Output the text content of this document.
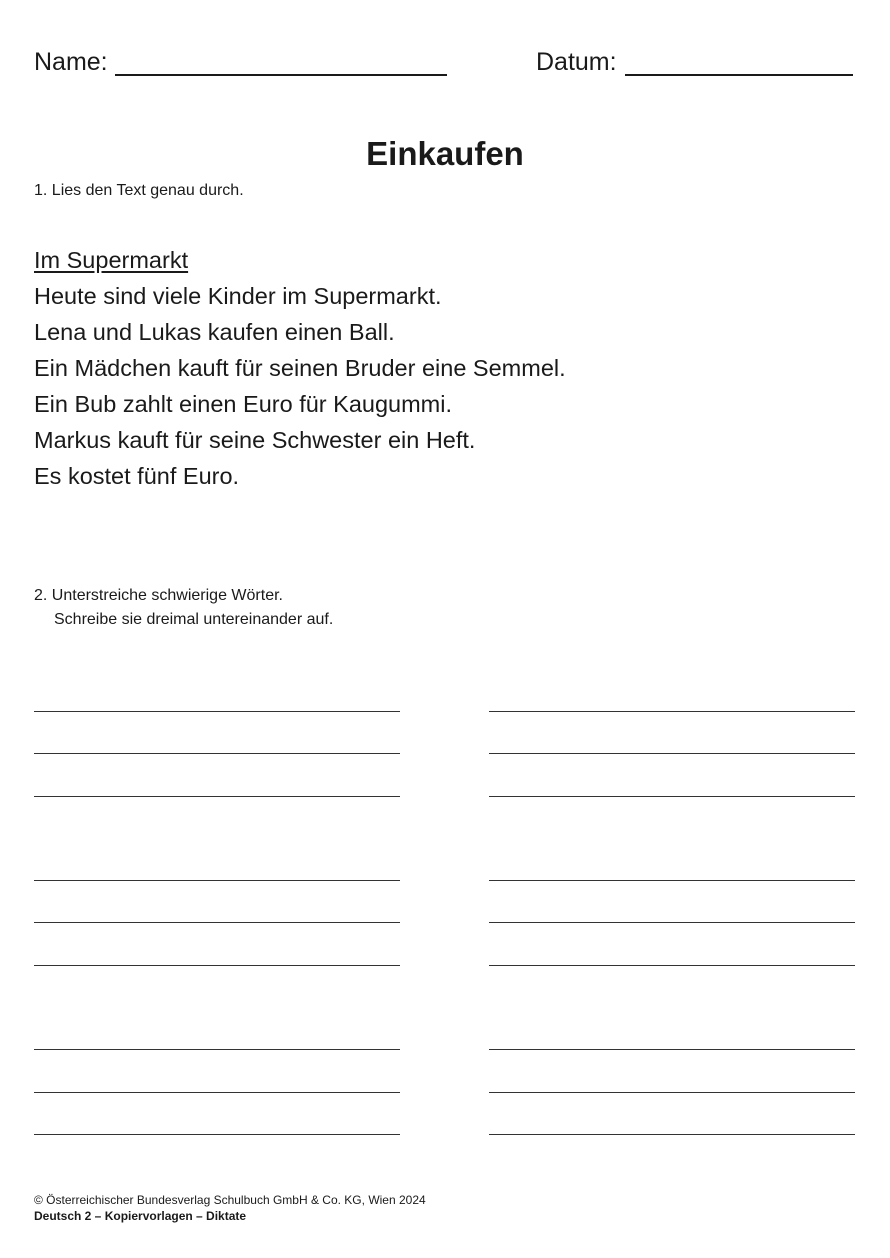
Name:	Datum:
Einkaufen
1. Lies den Text genau durch.
Im Supermarkt
Heute sind viele Kinder im Supermarkt.
Lena und Lukas kaufen einen Ball.
Ein Mädchen kauft für seinen Bruder eine Semmel.
Ein Bub zahlt einen Euro für Kaugummi.
Markus kauft für seine Schwester ein Heft.
Es kostet fünf Euro.
2. Unterstreiche schwierige Wörter.
Schreibe sie dreimal untereinander auf.
© Österreichischer Bundesverlag Schulbuch GmbH & Co. KG, Wien 2024
Deutsch 2 – Kopiervorlagen – Diktate
